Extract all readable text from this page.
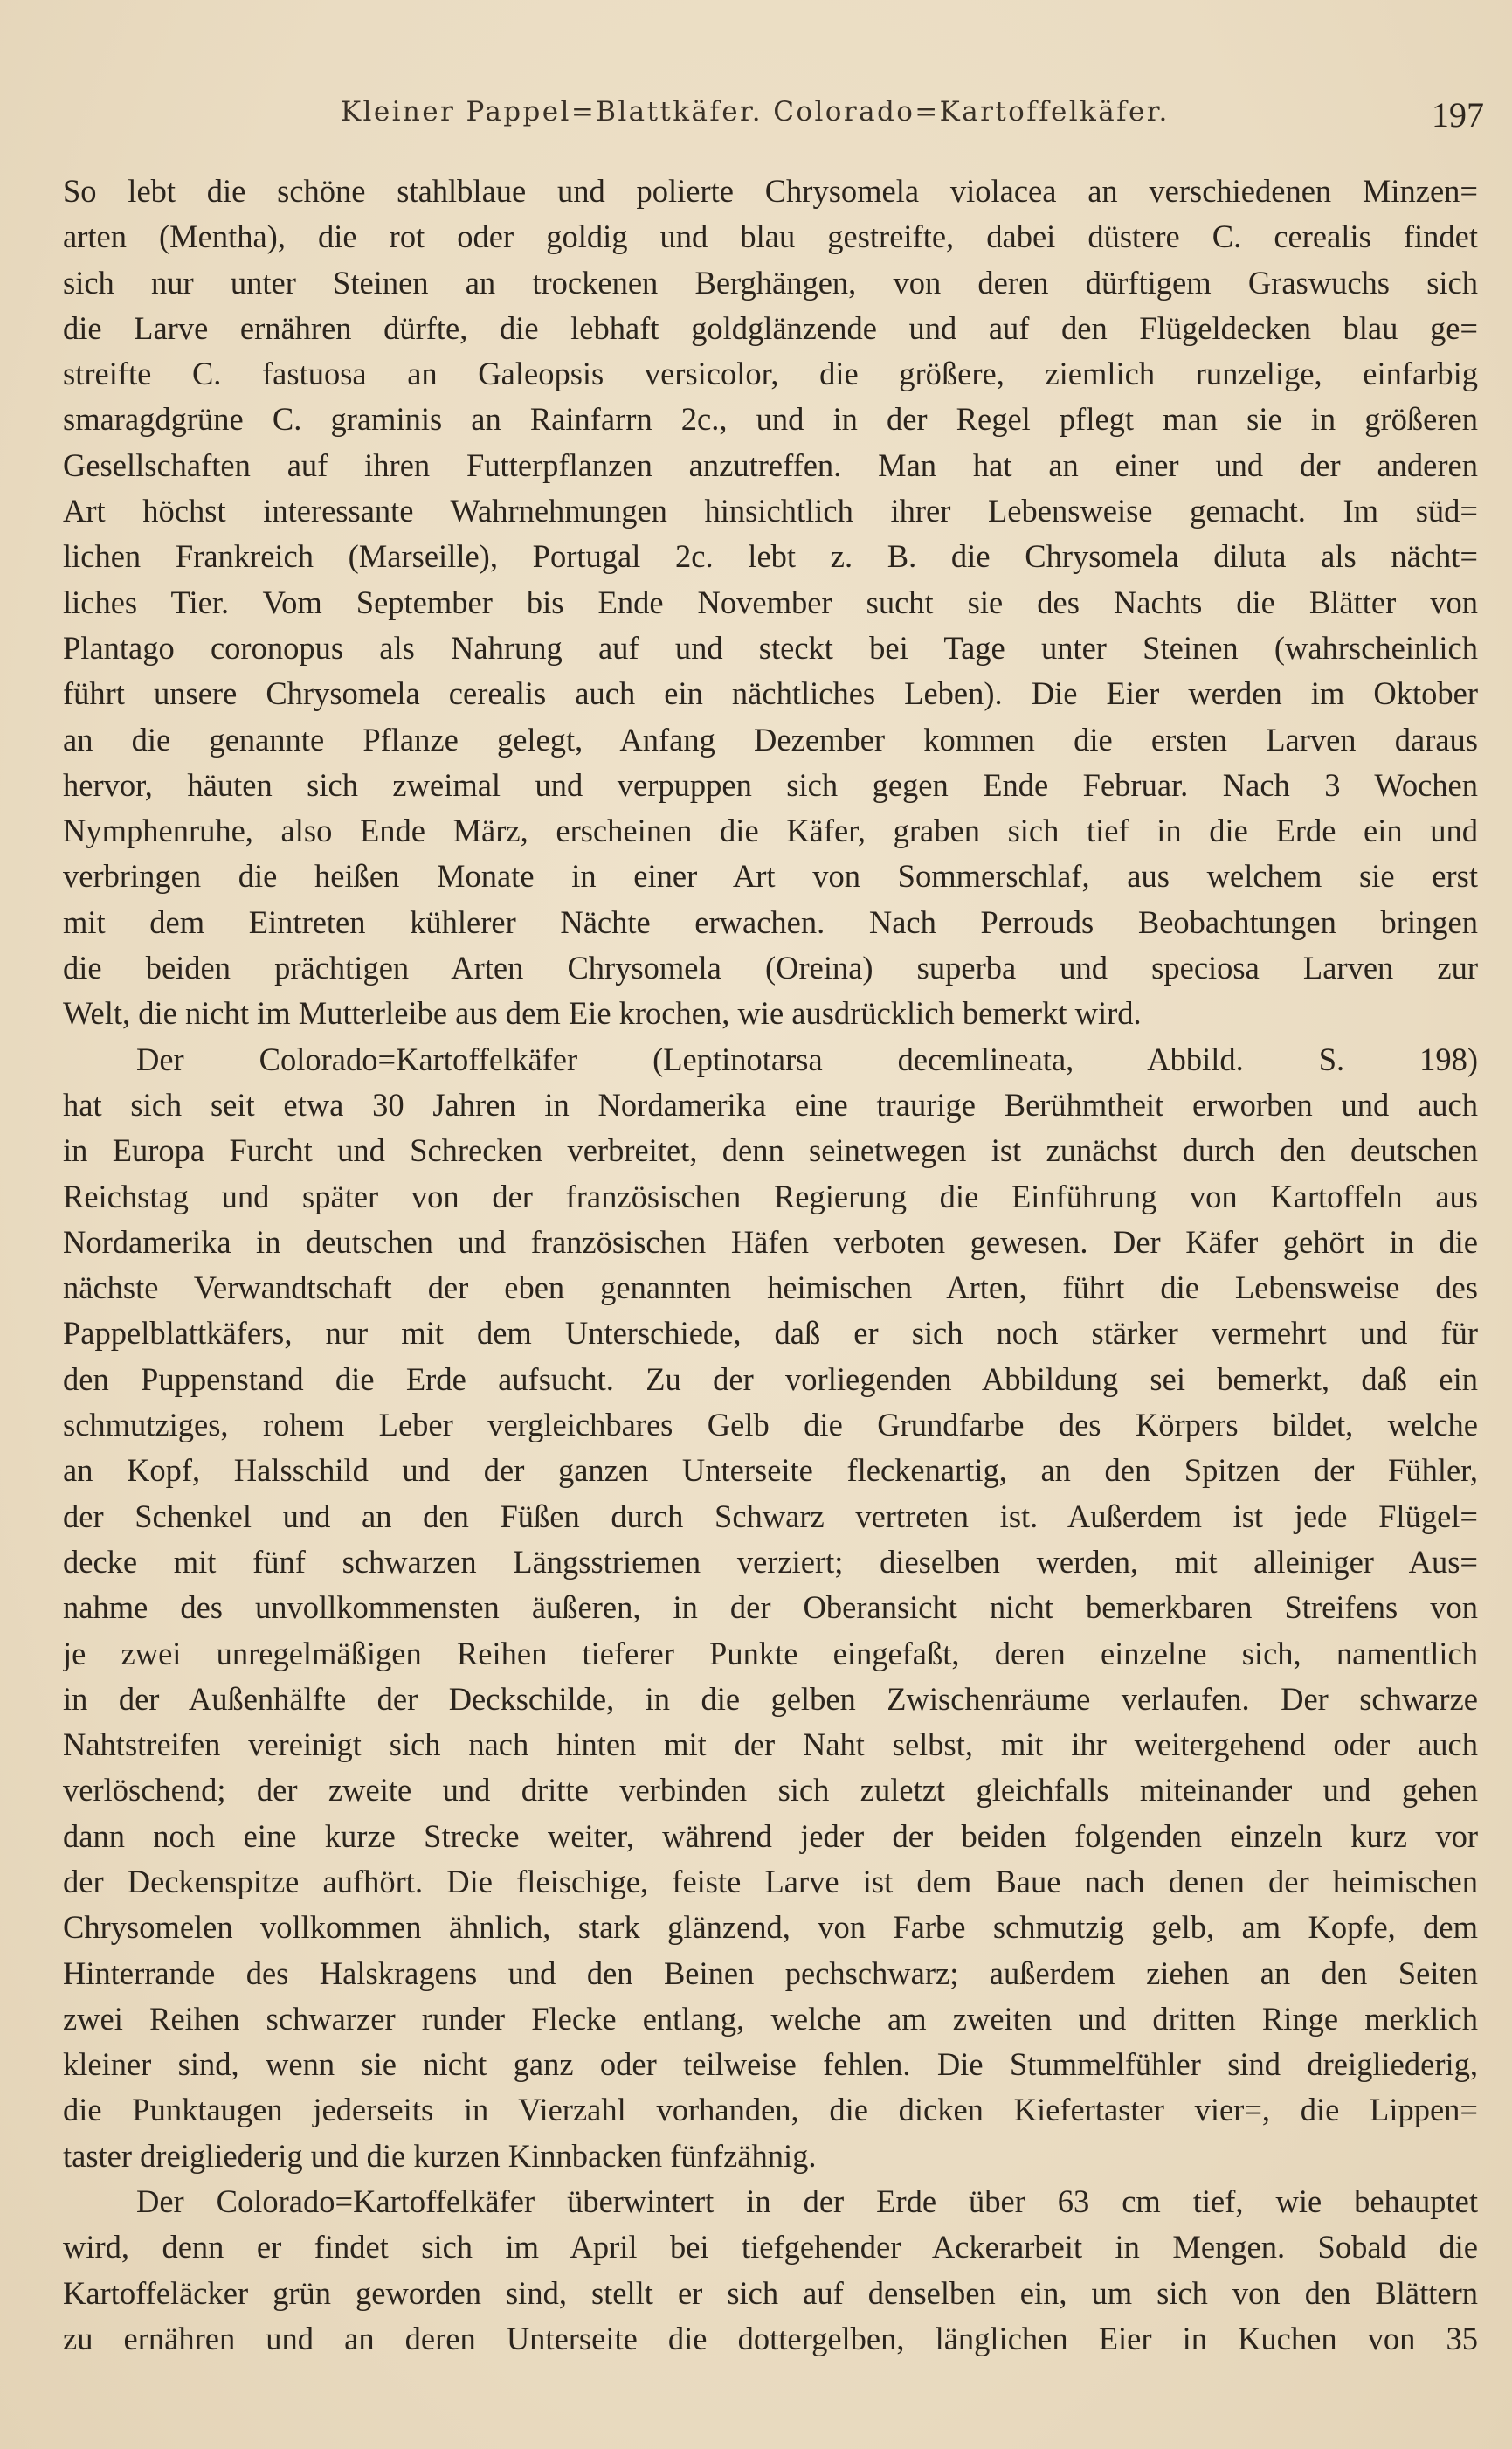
Kleiner Pappel=Blattkäfer. Colorado=Kartoffelkäfer.	197
So lebt die schöne stahlblaue und polierte Chrysomela violacea an verschiedenen Minzen=
arten (Mentha), die rot oder goldig und blau gestreifte, dabei düstere C. cerealis findet
sich nur unter Steinen an trockenen Berghängen, von deren dürftigem Graswuchs sich
die Larve ernähren dürfte, die lebhaft goldglänzende und auf den Flügeldecken blau ge=
streifte C. fastuosa an Galeopsis versicolor, die größere, ziemlich runzelige, einfarbig
smaragdgrüne C. graminis an Rainfarrn 2c., und in der Regel pflegt man sie in größeren
Gesellschaften auf ihren Futterpflanzen anzutreffen. Man hat an einer und der anderen
Art höchst interessante Wahrnehmungen hinsichtlich ihrer Lebensweise gemacht. Im süd=
lichen Frankreich (Marseille), Portugal 2c. lebt z. B. die Chrysomela diluta als nächt=
liches Tier. Vom September bis Ende November sucht sie des Nachts die Blätter von
Plantago coronopus als Nahrung auf und steckt bei Tage unter Steinen (wahrscheinlich
führt unsere Chrysomela cerealis auch ein nächtliches Leben). Die Eier werden im Oktober
an die genannte Pflanze gelegt, Anfang Dezember kommen die ersten Larven daraus
hervor, häuten sich zweimal und verpuppen sich gegen Ende Februar. Nach 3 Wochen
Nymphenruhe, also Ende März, erscheinen die Käfer, graben sich tief in die Erde ein und
verbringen die heißen Monate in einer Art von Sommerschlaf, aus welchem sie erst
mit dem Eintreten kühlerer Nächte erwachen. Nach Perrouds Beobachtungen bringen
die beiden prächtigen Arten Chrysomela (Oreina) superba und speciosa Larven zur
Welt, die nicht im Mutterleibe aus dem Eie krochen, wie ausdrücklich bemerkt wird.
Der Colorado=Kartoffelkäfer (Leptinotarsa decemlineata, Abbild. S. 198)
hat sich seit etwa 30 Jahren in Nordamerika eine traurige Berühmtheit erworben und auch
in Europa Furcht und Schrecken verbreitet, denn seinetwegen ist zunächst durch den deutschen
Reichstag und später von der französischen Regierung die Einführung von Kartoffeln aus
Nordamerika in deutschen und französischen Häfen verboten gewesen. Der Käfer gehört in die
nächste Verwandtschaft der eben genannten heimischen Arten, führt die Lebensweise des
Pappelblattkäfers, nur mit dem Unterschiede, daß er sich noch stärker vermehrt und für
den Puppenstand die Erde aufsucht. Zu der vorliegenden Abbildung sei bemerkt, daß ein
schmutziges, rohem Leber vergleichbares Gelb die Grundfarbe des Körpers bildet, welche
an Kopf, Halsschild und der ganzen Unterseite fleckenartig, an den Spitzen der Fühler,
der Schenkel und an den Füßen durch Schwarz vertreten ist. Außerdem ist jede Flügel=
decke mit fünf schwarzen Längsstriemen verziert; dieselben werden, mit alleiniger Aus=
nahme des unvollkommensten äußeren, in der Oberansicht nicht bemerkbaren Streifens von
je zwei unregelmäßigen Reihen tieferer Punkte eingefaßt, deren einzelne sich, namentlich
in der Außenhälfte der Deckschilde, in die gelben Zwischenräume verlaufen. Der schwarze
Nahtstreifen vereinigt sich nach hinten mit der Naht selbst, mit ihr weitergehend oder auch
verlöschend; der zweite und dritte verbinden sich zuletzt gleichfalls miteinander und gehen
dann noch eine kurze Strecke weiter, während jeder der beiden folgenden einzeln kurz vor
der Deckenspitze aufhört. Die fleischige, feiste Larve ist dem Baue nach denen der heimischen
Chrysomelen vollkommen ähnlich, stark glänzend, von Farbe schmutzig gelb, am Kopfe, dem
Hinterrande des Halskragens und den Beinen pechschwarz; außerdem ziehen an den Seiten
zwei Reihen schwarzer runder Flecke entlang, welche am zweiten und dritten Ringe merklich
kleiner sind, wenn sie nicht ganz oder teilweise fehlen. Die Stummelfühler sind dreigliederig,
die Punktaugen jederseits in Vierzahl vorhanden, die dicken Kiefertaster vier=, die Lippen=
taster dreigliederig und die kurzen Kinnbacken fünfzähnig.
Der Colorado=Kartoffelkäfer überwintert in der Erde über 63 cm tief, wie behauptet
wird, denn er findet sich im April bei tiefgehender Ackerarbeit in Mengen. Sobald die
Kartoffeläcker grün geworden sind, stellt er sich auf denselben ein, um sich von den Blättern
zu ernähren und an deren Unterseite die dottergelben, länglichen Eier in Kuchen von 35
